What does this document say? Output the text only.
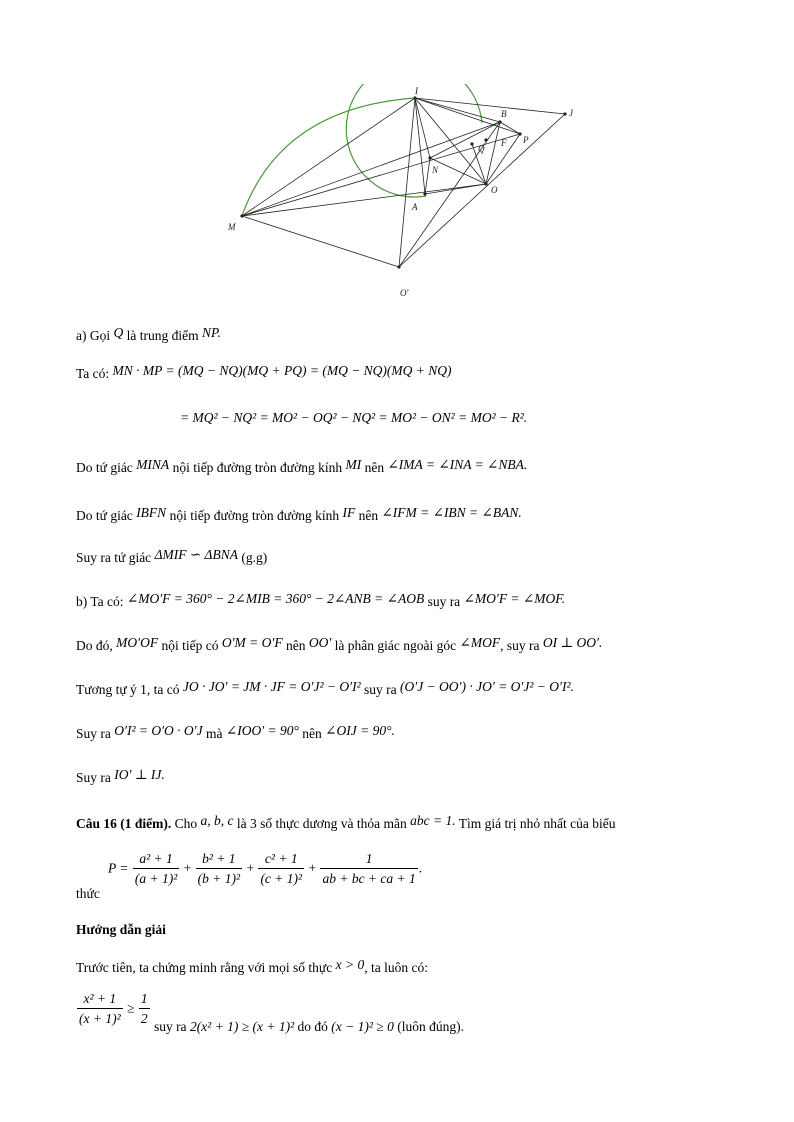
I
B	J
P
Q
F
N
O
A
M
O′
a) Gọi Q là trung điểm NP.
Ta có: MN · MP = (MQ − NQ)(MQ + PQ) = (MQ − NQ)(MQ + NQ)
= MQ² − NQ² = MO² − OQ² − NQ² = MO² − ON² = MO² − R².
Do tứ giác MINA nội tiếp đường tròn đường kính MI nên ∠IMA = ∠INA = ∠NBA.
Do tứ giác IBFN nội tiếp đường tròn đường kính IF nên ∠IFM = ∠IBN = ∠BAN.
Suy ra tứ giác ΔMIF ∽ ΔBNA (g.g)
b) Ta có: ∠MO′F = 360° − 2∠MIB = 360° − 2∠ANB = ∠AOB suy ra ∠MO′F = ∠MOF.
Do đó, MO′OF nội tiếp có O′M = O′F nên OO′ là phân giác ngoài góc ∠MOF, suy ra OI ⊥ OO′.
Tương tự ý 1, ta có JO · JO′ = JM · JF = O′J² − O′I² suy ra (O′J − OO′) · JO′ = O′J² − O′I².
Suy ra O′I² = O′O · O′J mà ∠IOO′ = 90° nên ∠OIJ = 90°.
Suy ra IO′ ⊥ IJ.
Câu 16 (1 điểm). Cho a, b, c là 3 số thực dương và thỏa mãn abc = 1. Tìm giá trị nhỏ nhất của biểu
$P = \frac{\text{a² + 1}}{\text{(a + 1)²}} + \frac{\text{b² + 1}}{\text{(b + 1)²}} + \frac{\text{c² + 1}}{\text{(c + 1)²}} + \frac{1}{ab + bc + ca + 1}$ .
thức
Hướng dẫn giải
Trước tiên, ta chứng minh rằng với mọi số thực x > 0, ta luôn có:
$\frac{\text{x² + 1}}{\text{(x + 1)²}} \ge \frac{1}{2}$ suy ra 2(x² + 1) ≥ (x + 1)² do đó (x − 1)² ≥ 0 (luôn đúng).
